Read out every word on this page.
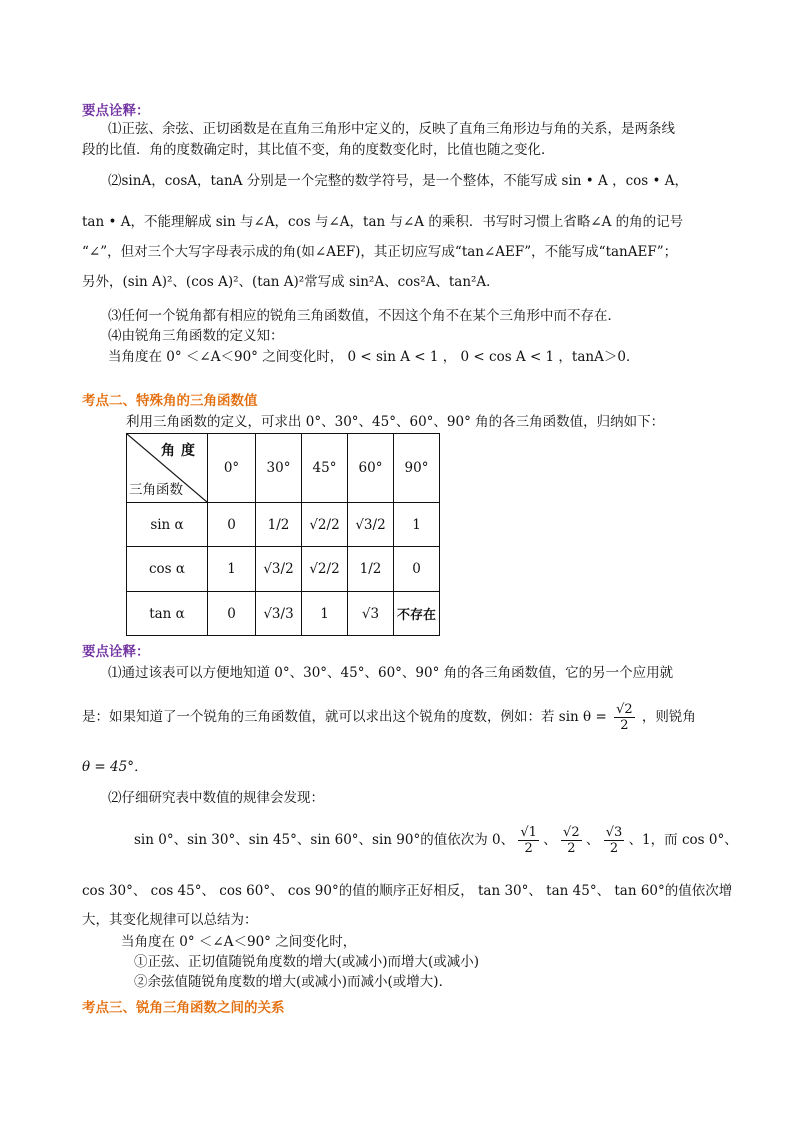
要点诠释：
⑴正弦、余弦、正切函数是在直角三角形中定义的，反映了直角三角形边与角的关系，是两条线
段的比值．角的度数确定时，其比值不变，角的度数变化时，比值也随之变化．
⑵sinA，cosA，tanA 分别是一个完整的数学符号，是一个整体，不能写成 sin • A ，cos • A，
tan • A，不能理解成 sin 与∠A，cos 与∠A，tan 与∠A 的乘积．书写时习惯上省略∠A 的角的记号
“∠”，但对三个大写字母表示成的角(如∠AEF)，其正切应写成“tan∠AEF”，不能写成“tanAEF”；
另外，(sin A)²、(cos A)²、(tan A)²常写成 sin²A、cos²A、tan²A．
⑶任何一个锐角都有相应的锐角三角函数值，不因这个角不在某个三角形中而不存在．
⑷由锐角三角函数的定义知：
当角度在 0° ＜∠A＜90° 之间变化时， 0 < sin A < 1 ， 0 < cos A < 1 ，tanA＞0．
考点二、特殊角的三角函数值
利用三角函数的定义，可求出 0°、30°、45°、60°、90° 角的各三角函数值，归纳如下：
角度
三角函数	0°	30°	45°	60°	90°
sin α	0	1/2	√2/2	√3/2	1
cos α	1	√3/2	√2/2	1/2	0
tan α	0	√3/3	1	√3	不存在
要点诠释：
⑴通过该表可以方便地知道 0°、30°、45°、60°、90° 角的各三角函数值，它的另一个应用就
是：如果知道了一个锐角的三角函数值，就可以求出这个锐角的度数，例如：若 $\sin \theta = \frac{√2}{2}$ ，则锐角
θ = 45°．
⑵仔细研究表中数值的规律会发现：
sin 0°、sin 30°、sin 45°、sin 60°、sin 90°的值依次为 0、 $\frac{√1}{2}$ 、 $\frac{√2}{2}$ 、 $\frac{√3}{2}$ 、1，而 cos 0°、
cos 30°、 cos 45°、 cos 60°、 cos 90°的值的顺序正好相反， tan 30°、 tan 45°、 tan 60°的值依次增
大，其变化规律可以总结为：
当角度在 0° ＜∠A＜90° 之间变化时，
①正弦、正切值随锐角度数的增大(或减小)而增大(或减小)
②余弦值随锐角度数的增大(或减小)而减小(或增大)．
考点三、锐角三角函数之间的关系
